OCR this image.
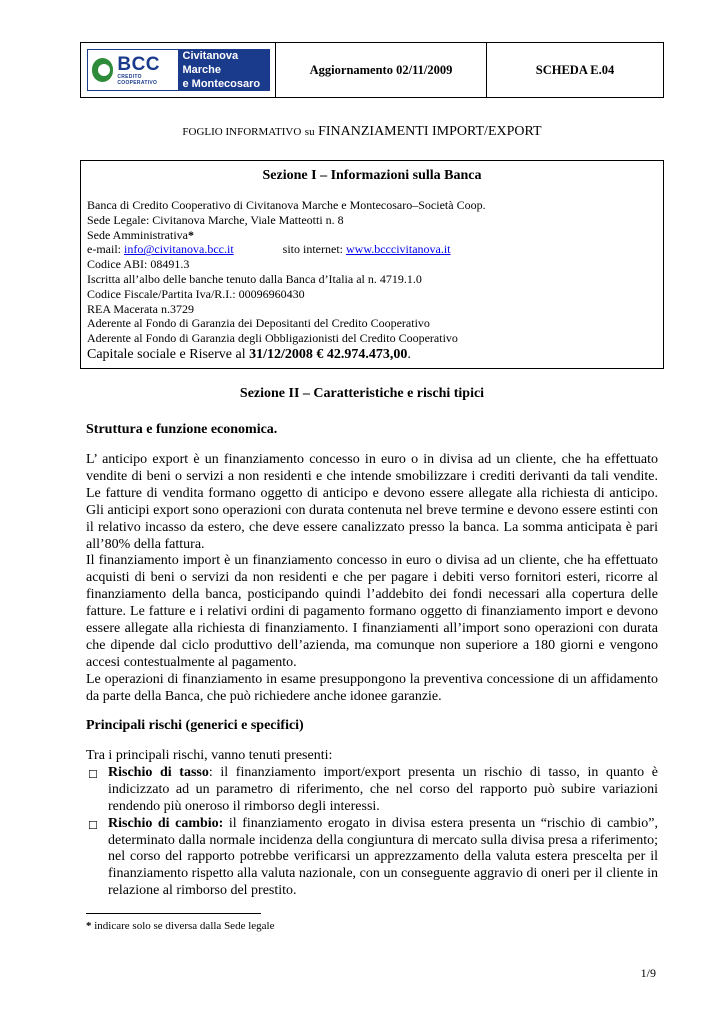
BCC
CREDITO COOPERATIVO
Civitanova Marche
e Montecosaro
Aggiornamento 02/11/2009	SCHEDA E.04
FOGLIO INFORMATIVO su FINANZIAMENTI IMPORT/EXPORT
Sezione I – Informazioni sulla Banca
Banca di Credito Cooperativo di Civitanova Marche e Montecosaro–Società Coop.
Sede Legale: Civitanova Marche, Viale Matteotti n. 8
Sede Amministrativa*
e-mail: info@civitanova.bcc.it	sito internet: www.bcccivitanova.it
Codice ABI: 08491.3
Iscritta all’albo delle banche tenuto dalla Banca d’Italia al n. 4719.1.0
Codice Fiscale/Partita Iva/R.I.: 00096960430
REA Macerata n.3729
Aderente al Fondo di Garanzia dei Depositanti del Credito Cooperativo
Aderente al Fondo di Garanzia degli Obbligazionisti del Credito Cooperativo
Capitale sociale e Riserve al 31/12/2008 € 42.974.473,00.
Sezione II – Caratteristiche e rischi tipici
Struttura e funzione economica.

L’ anticipo export è un finanziamento concesso in euro o in divisa ad un cliente, che ha effettuato vendite di beni o servizi a non residenti e che intende smobilizzare i crediti derivanti da tali vendite. Le fatture di vendita formano oggetto di anticipo e devono essere allegate alla richiesta di anticipo. Gli anticipi export sono operazioni con durata contenuta nel breve termine e devono essere estinti con il relativo incasso da estero, che deve essere canalizzato presso la banca. La somma anticipata è pari all’80% della fattura.

Il finanziamento import è un finanziamento concesso in euro o divisa ad un cliente, che ha effettuato acquisti di beni o servizi da non residenti e che per pagare i debiti verso fornitori esteri, ricorre al finanziamento della banca, posticipando quindi l’addebito dei fondi necessari alla copertura delle fatture. Le fatture e i relativi ordini di pagamento formano oggetto di finanziamento import e devono essere allegate alla richiesta di finanziamento. I finanziamenti all’import sono operazioni con durata che dipende dal ciclo produttivo dell’azienda, ma comunque non superiore a 180 giorni e vengono accesi contestualmente al pagamento.

Le operazioni di finanziamento in esame presuppongono la preventiva concessione di un affidamento da parte della Banca, che può richiedere anche idonee garanzie.

Principali rischi (generici e specifici)
Tra i principali rischi, vanno tenuti presenti:
☐ Rischio di tasso: il finanziamento import/export presenta un rischio di tasso, in quanto è indicizzato ad un parametro di riferimento, che nel corso del rapporto può subire variazioni rendendo più oneroso il rimborso degli interessi.
☐ Rischio di cambio: il finanziamento erogato in divisa estera presenta un “rischio di cambio”, determinato dalla normale incidenza della congiuntura di mercato sulla divisa presa a riferimento; nel corso del rapporto potrebbe verificarsi un apprezzamento della valuta estera prescelta per il finanziamento rispetto alla valuta nazionale, con un conseguente aggravio di oneri per il cliente in relazione al rimborso del prestito.
* indicare solo se diversa dalla Sede legale
1/9
